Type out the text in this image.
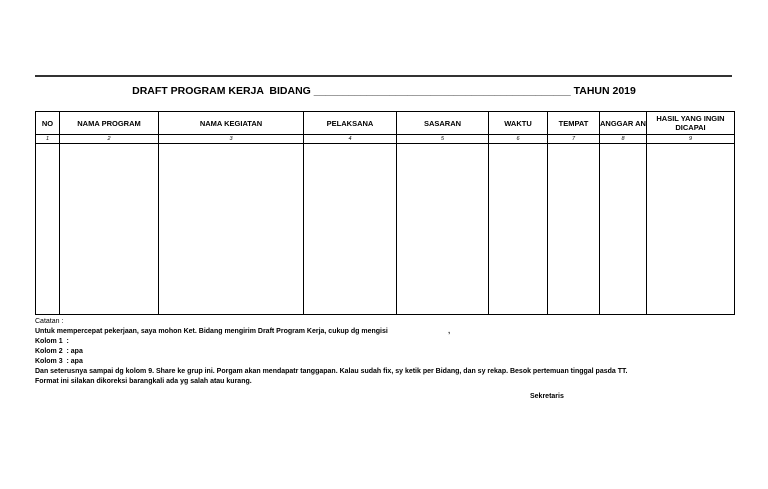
DRAFT PROGRAM KERJA  BIDANG ____________________________________________ TAHUN 2019
NO	NAMA PROGRAM	NAMA KEGIATAN	PELAKSANA	SASARAN	WAKTU	TEMPAT	ANGGAR AN	HASIL YANG INGIN DICAPAI
1	2	3	4	5	6	7	8	9

Catatan :
Untuk mempercepat pekerjaan, saya mohon Ket. Bidang mengirim Draft Program Kerja, cukup dg mengisi                               ,
Kolom 1  :
Kolom 2  : apa
Kolom 3  : apa
Dan seterusnya sampai dg kolom 9. Share ke grup ini. Porgam akan mendapatr tanggapan. Kalau sudah fix, sy ketik per Bidang, dan sy rekap. Besok pertemuan tinggal pasda TT.
Format ini silakan dikoreksi barangkali ada yg salah atau kurang.
Sekretaris
